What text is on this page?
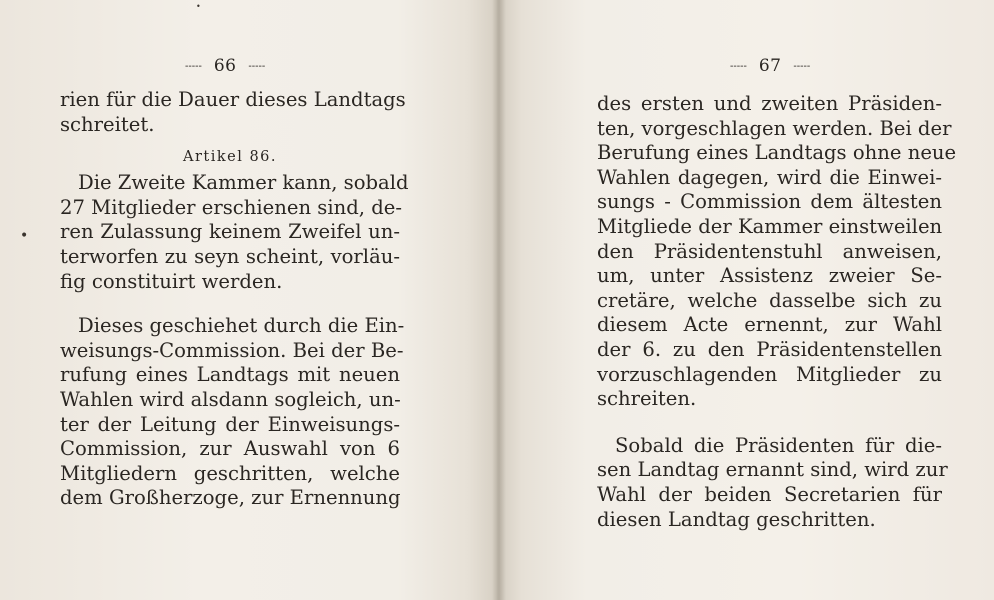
----- 66 -----
rien für die Dauer dieses Landtags
schreitet.
Artikel 86.
Die Zweite Kammer kann, sobald
27 Mitglieder erschienen sind, de-
ren Zulassung keinem Zweifel un-
terworfen zu seyn scheint, vorläu-
fig constituirt werden.
Dieses geschiehet durch die Ein-
weisungs-Commission. Bei der Be-
rufung eines Landtags mit neuen
Wahlen wird alsdann sogleich, un-
ter der Leitung der Einweisungs-
Commission, zur Auswahl von 6
Mitgliedern geschritten, welche
dem Großherzoge, zur Ernennung
----- 67 -----
des ersten und zweiten Präsiden-
ten, vorgeschlagen werden. Bei der
Berufung eines Landtags ohne neue
Wahlen dagegen, wird die Einwei-
sungs - Commission dem ältesten
Mitgliede der Kammer einstweilen
den Präsidentenstuhl anweisen,
um, unter Assistenz zweier Se-
cretäre, welche dasselbe sich zu
diesem Acte ernennt, zur Wahl
der 6. zu den Präsidentenstellen
vorzuschlagenden Mitglieder zu
schreiten.
Sobald die Präsidenten für die-
sen Landtag ernannt sind, wird zur
Wahl der beiden Secretarien für
diesen Landtag geschritten.
•
•
